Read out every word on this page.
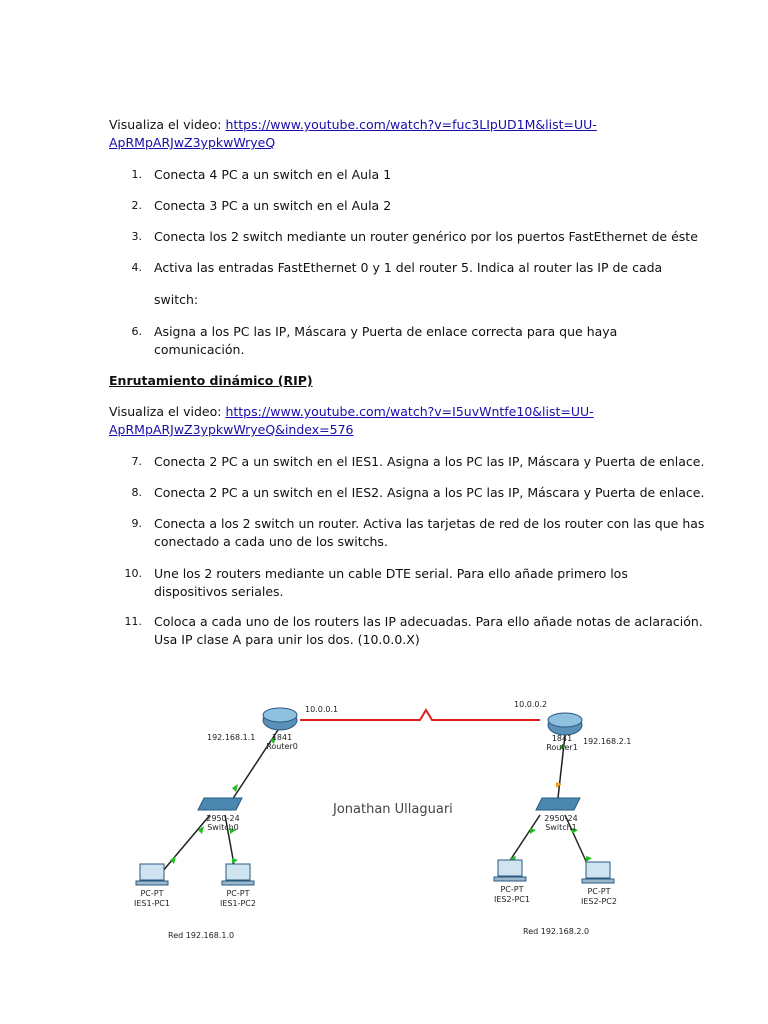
Visualiza el video: https://www.youtube.com/watch?v=fuc3LIpUD1M&list=UU-
ApRMpARJwZ3ypkwWryeQ
1. Conecta 4 PC a un switch en el Aula 1
2. Conecta 3 PC a un switch en el Aula 2
3. Conecta los 2 switch mediante un router genérico por los puertos FastEthernet de éste
4. Activa las entradas FastEthernet 0 y 1 del router 5. Indica al router las IP de cada
switch:
6. Asigna a los PC las IP, Máscara y Puerta de enlace correcta para que haya
comunicación.
Enrutamiento dinámico (RIP)
Visualiza el video: https://www.youtube.com/watch?v=I5uvWntfe10&list=UU-
ApRMpARJwZ3ypkwWryeQ&index=576
7. Conecta 2 PC a un switch en el IES1. Asigna a los PC las IP, Máscara y Puerta de enlace.
8. Conecta 2 PC a un switch en el IES2. Asigna a los PC las IP, Máscara y Puerta de enlace.
9. Conecta a los 2 switch un router. Activa las tarjetas de red de los router con las que has
conectado a cada uno de los switchs.
10. Une los 2 routers mediante un cable DTE serial. Para ello añade primero los
dispositivos seriales.
11. Coloca a cada uno de los routers las IP adecuadas. Para ello añade notas de aclaración.
Usa IP clase A para unir los dos. (10.0.0.X)
10.0.0.1
192.168.1.1 1841
Router0
10.0.0.2
192.168.2.1
1841
Router1
2950-24
Switch0
2950-24
Switch1
PC-PT
IES1-PC1
PC-PT
IES1-PC2
PC-PT
IES2-PC1
PC-PT
IES2-PC2
Red 192.168.1.0	Red 192.168.2.0
Jonathan Ullaguari
